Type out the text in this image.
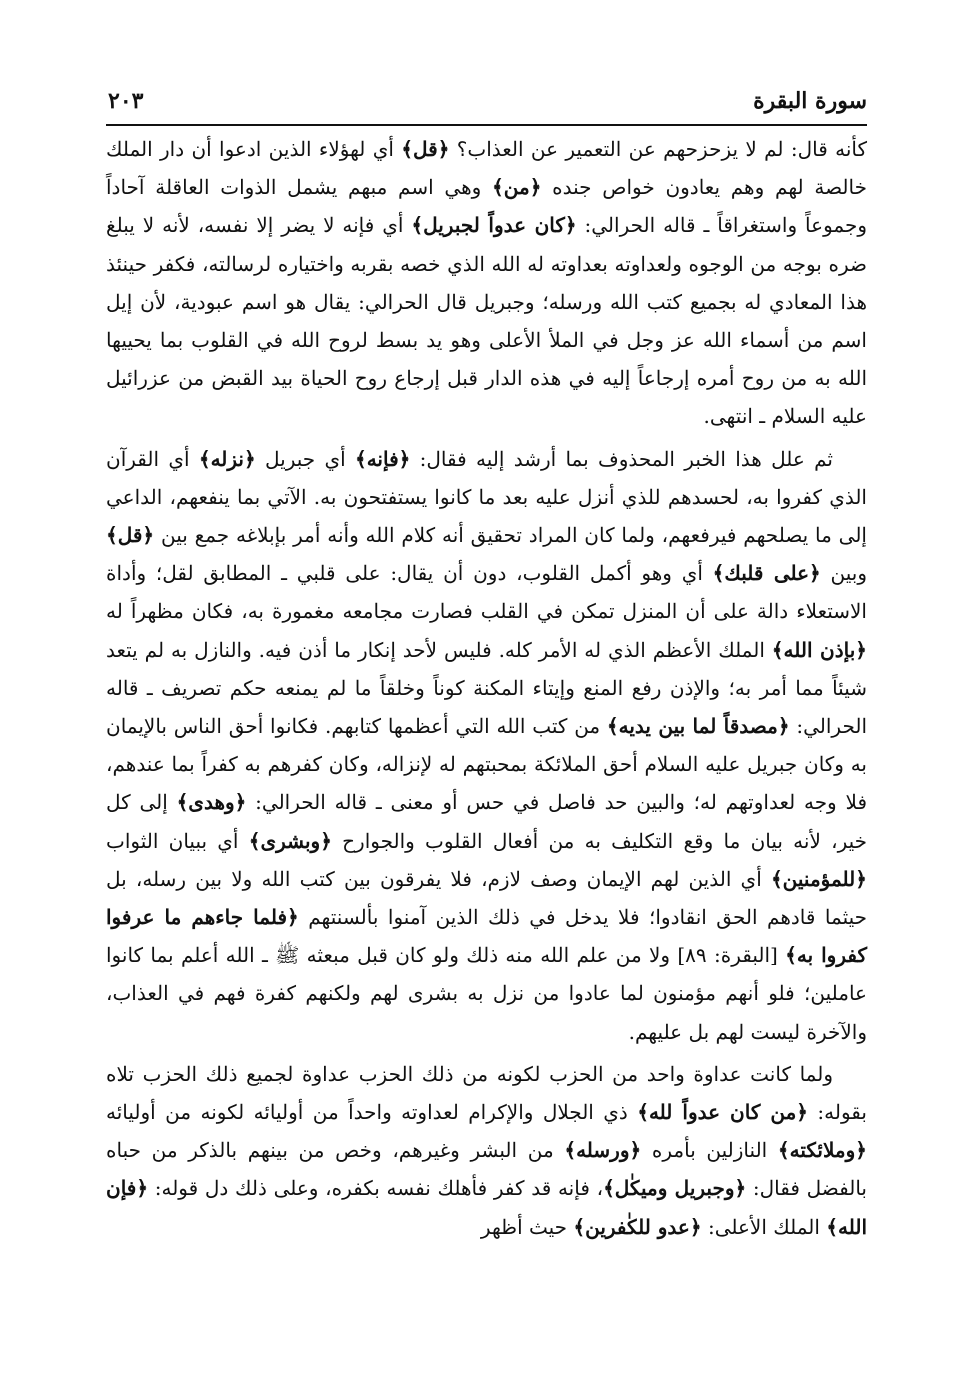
سورة البقرة
٢٠٣

كأنه قال: لم لا يزحزحهم عن التعمير عن العذاب؟ ﴿قل﴾ أي لهؤلاء الذين ادعوا أن دار الملك خالصة لهم وهم يعادون خواص جنده ﴿من﴾ وهي اسم مبهم يشمل الذوات العاقلة آحاداً وجموعاً واستغراقاً ـ قاله الحرالي: ﴿كان عدواً لجبريل﴾ أي فإنه لا يضر إلا نفسه، لأنه لا يبلغ ضره بوجه من الوجوه ولعداوته بعداوته له الله الذي خصه بقربه واختياره لرسالته، فكفر حينئذ هذا المعادي له بجميع كتب الله ورسله؛ وجبريل قال الحرالي: يقال هو اسم عبودية، لأن إيل اسم من أسماء الله عز وجل في الملأ الأعلى وهو يد بسط لروح الله في القلوب بما يحييها الله به من روح أمره إرجاعاً إليه في هذه الدار قبل إرجاع روح الحياة بيد القبض من عزرائيل عليه السلام ـ انتهى.

ثم علل هذا الخبر المحذوف بما أرشد إليه فقال: ﴿فإنه﴾ أي جبريل ﴿نزله﴾ أي القرآن الذي كفروا به، لحسدهم للذي أنزل عليه بعد ما كانوا يستفتحون به. الآتي بما ينفعهم، الداعي إلى ما يصلحهم فيرفعهم، ولما كان المراد تحقيق أنه كلام الله وأنه أمر بإبلاغه جمع بين ﴿قل﴾ وبين ﴿على قلبك﴾ أي وهو أكمل القلوب، دون أن يقال: على قلبي ـ المطابق لقل؛ وأداة الاستعلاء دالة على أن المنزل تمكن في القلب فصارت مجامعه مغمورة به، فكان مظهراً له ﴿بإذن الله﴾ الملك الأعظم الذي له الأمر كله. فليس لأحد إنكار ما أذن فيه. والنازل به لم يتعد شيئاً مما أمر به؛ والإذن رفع المنع وإيتاء المكنة كوناً وخلقاً ما لم يمنعه حكم تصريف ـ قاله الحرالي: ﴿مصدقاً لما بين يديه﴾ من كتب الله التي أعظمها كتابهم. فكانوا أحق الناس بالإيمان به وكان جبريل عليه السلام أحق الملائكة بمحبتهم له لإنزاله، وكان كفرهم به كفراً بما عندهم، فلا وجه لعداوتهم له؛ والبين حد فاصل في حس أو معنى ـ قاله الحرالي: ﴿وهدى﴾ إلى كل خير، لأنه بيان ما وقع التكليف به من أفعال القلوب والجوارح ﴿وبشرى﴾ أي ببيان الثواب ﴿للمؤمنين﴾ أي الذين لهم الإيمان وصف لازم، فلا يفرقون بين كتب الله ولا بين رسله، بل حيثما قادهم الحق انقادوا؛ فلا يدخل في ذلك الذين آمنوا بألسنتهم ﴿فلما جاءهم ما عرفوا كفروا به﴾ [البقرة: ٨٩] ولا من علم الله منه ذلك ولو كان قبل مبعثه ﷺ ـ الله أعلم بما كانوا عاملين؛ فلو أنهم مؤمنون لما عادوا من نزل به بشرى لهم ولكنهم كفرة فهم في العذاب، والآخرة ليست لهم بل عليهم.

ولما كانت عداوة واحد من الحزب لكونه من ذلك الحزب عداوة لجميع ذلك الحزب تلاه بقوله: ﴿من كان عدواً لله﴾ ذي الجلال والإكرام لعداوته واحداً من أوليائه لكونه من أوليائه ﴿وملائكته﴾ النازلين بأمره ﴿ورسله﴾ من البشر وغيرهم، وخص من بينهم بالذكر من حباه بالفضل فقال: ﴿وجبريل وميكٰل﴾، فإنه قد كفر فأهلك نفسه بكفره، وعلى ذلك دل قوله: ﴿فإن الله﴾ الملك الأعلى: ﴿عدو للكٰفرين﴾ حيث أظهر
